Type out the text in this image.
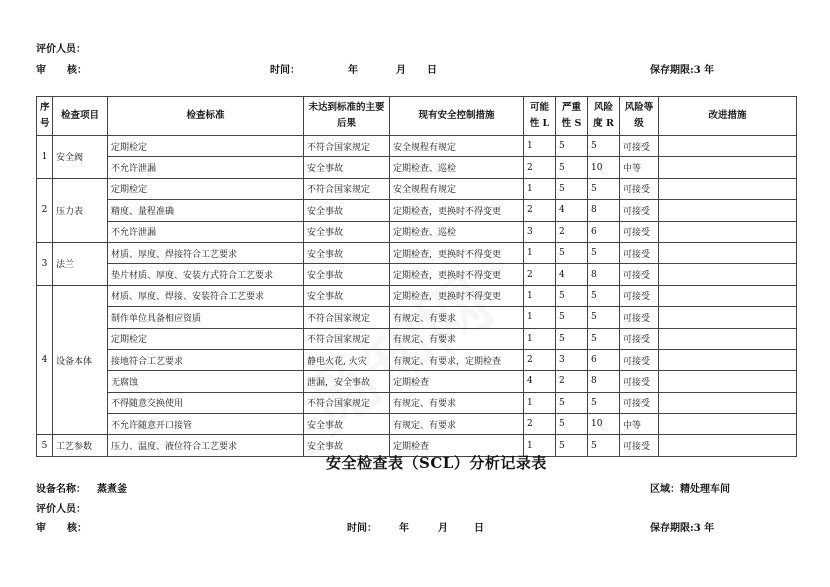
评价人员：
审 核：	时间：	年	月 日	保存期限:3 年
序号	检查项目	检查标准	未达到标准的主要后果	现有安全控制措施	可能性 L	严重性 S	风险度 R	风险等级	改进措施
1	安全阀	定期检定	不符合国家规定	安全规程有规定	1	5	5	可接受	
		不允许泄漏	安全事故	定期检查、巡检	2	5	10	中等	
2	压力表	定期检定	不符合国家规定	安全规程有规定	1	5	5	可接受	
		精度、量程准确	安全事故	定期检查，更换时不得变更	2	4	8	可接受	
		不允许泄漏	安全事故	定期检查、巡检	3	2	6	可接受	
3	法兰	材质、厚度、焊接符合工艺要求	安全事故	定期检查，更换时不得变更	1	5	5	可接受	
		垫片材质、厚度、安装方式符合工艺要求	安全事故	定期检查，更换时不得变更	2	4	8	可接受	
4	设备本体	材质、厚度、焊接、安装符合工艺要求	安全事故	定期检查，更换时不得变更	1	5	5	可接受	
		制作单位具备相应资质	不符合国家规定	有规定、有要求	1	5	5	可接受	
		定期检定	不符合国家规定	有规定、有要求	1	5	5	可接受	
		接地符合工艺要求	静电火花, 火灾	有规定、有要求，定期检查	2	3	6	可接受	
		无腐蚀	泄漏，安全事故	定期检查	4	2	8	可接受	
		不得随意交换使用	不符合国家规定	有规定、有要求	1	5	5	可接受	
		不允许随意开口接管	安全事故	有规定、有要求	2	5	10	中等	
5	工艺参数	压力、温度、液位符合工艺要求	安全事故	定期检查	1	5	5	可接受	
安全检查表（SCL）分析记录表
设备名称： 蒸煮釜	区域： 精处理车间
评价人员：
审 核：	时间： 年	月	日	保存期限:3 年
